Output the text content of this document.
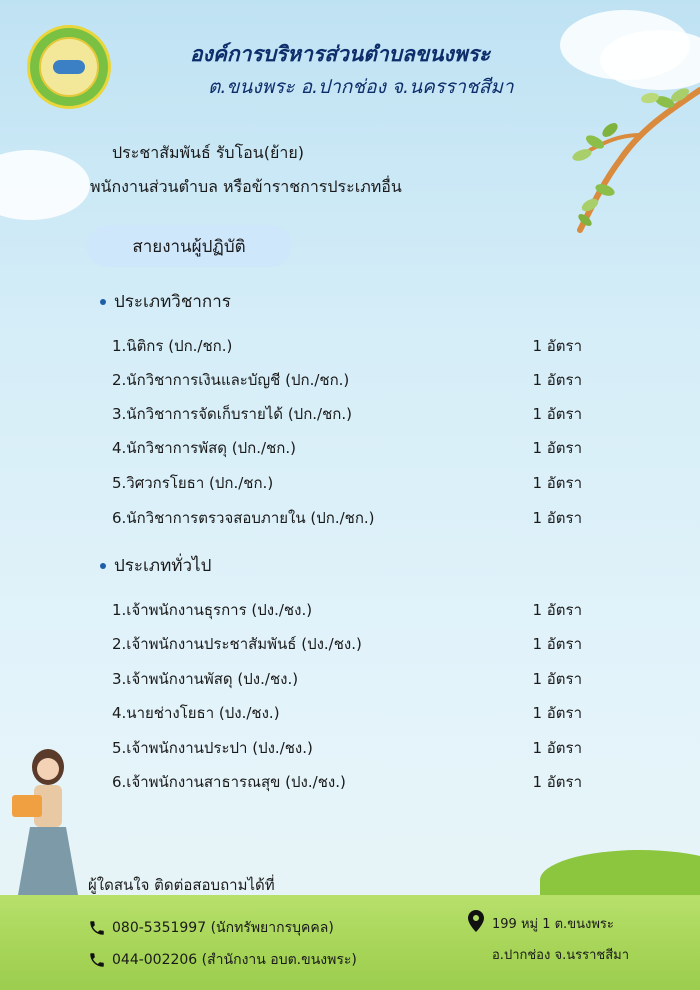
องค์การบริหารส่วนตำบลขนงพระ
ต.ขนงพระ อ.ปากช่อง จ.นครราชสีมา
ประชาสัมพันธ์ รับโอน(ย้าย)
พนักงานส่วนตำบล หรือข้าราชการประเภทอื่น
สายงานผู้ปฏิบัติ
ประเภทวิชาการ
1.นิติกร (ปก./ชก.)	1 อัตรา
2.นักวิชาการเงินและบัญชี (ปก./ชก.)	1 อัตรา
3.นักวิชาการจัดเก็บรายได้ (ปก./ชก.)	1 อัตรา
4.นักวิชาการพัสดุ (ปก./ชก.)	1 อัตรา
5.วิศวกรโยธา (ปก./ชก.)	1 อัตรา
6.นักวิชาการตรวจสอบภายใน (ปก./ชก.)	1 อัตรา
ประเภททั่วไป
1.เจ้าพนักงานธุรการ (ปง./ชง.)	1 อัตรา
2.เจ้าพนักงานประชาสัมพันธ์ (ปง./ชง.)	1 อัตรา
3.เจ้าพนักงานพัสดุ (ปง./ชง.)	1 อัตรา
4.นายช่างโยธา (ปง./ชง.)	1 อัตรา
5.เจ้าพนักงานประปา (ปง./ชง.)	1 อัตรา
6.เจ้าพนักงานสาธารณสุข (ปง./ชง.)	1 อัตรา
ผู้ใดสนใจ ติดต่อสอบถามได้ที่
080-5351997 (นักทรัพยากรบุคคล)
044-002206 (สำนักงาน อบต.ขนงพระ)
199 หมู่ 1 ต.ขนงพระ
อ.ปากช่อง จ.นรราชสีมา
